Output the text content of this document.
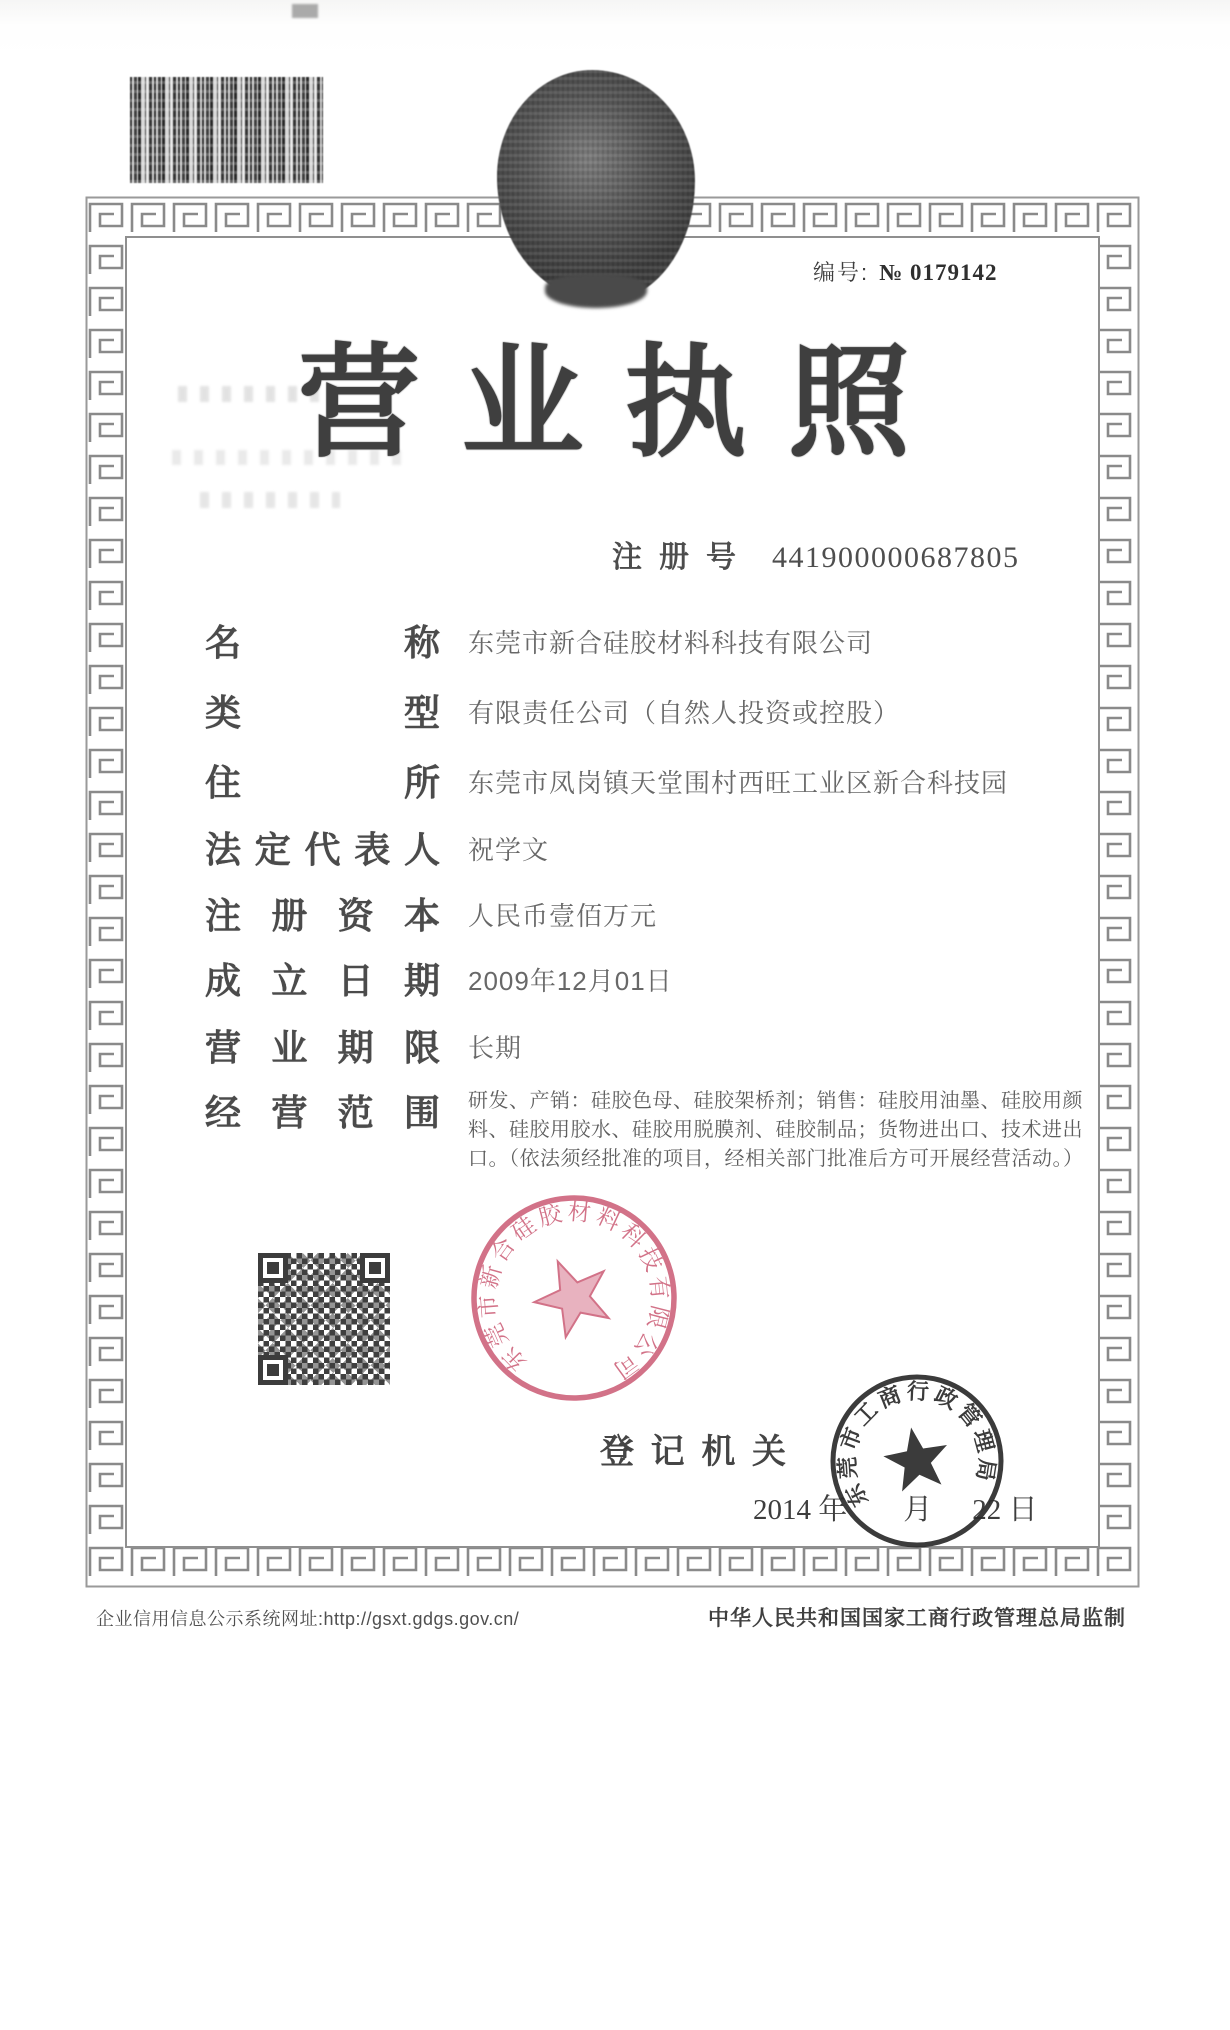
编号: № 0179142
营 业 执 照
注 册 号 441900000687805
名	称 东莞市新合硅胶材料科技有限公司
类	型 有限责任公司（自然人投资或控股）
住	所 东莞市凤岗镇天堂围村西旺工业区新合科技园
法 定 代 表 人 祝学文
注 册 资 本 人民币壹佰万元
成 立 日 期 2009年12月01日
营 业 期 限 长期
经 营 范 围 研发、产销：硅胶色母、硅胶架桥剂；销售：硅胶用油墨、硅胶用颜料、硅胶用胶水、硅胶用脱膜剂、硅胶制品；货物进出口、技术进出口。（依法须经批准的项目，经相关部门批准后方可开展经营活动。）
东莞市新合硅胶材料科技有限公司
登 记 机 关
2014 年 月 22 日
东莞市工商行政管理局
企业信用信息公示系统网址:http://gsxt.gdgs.gov.cn/	中华人民共和国国家工商行政管理总局监制
